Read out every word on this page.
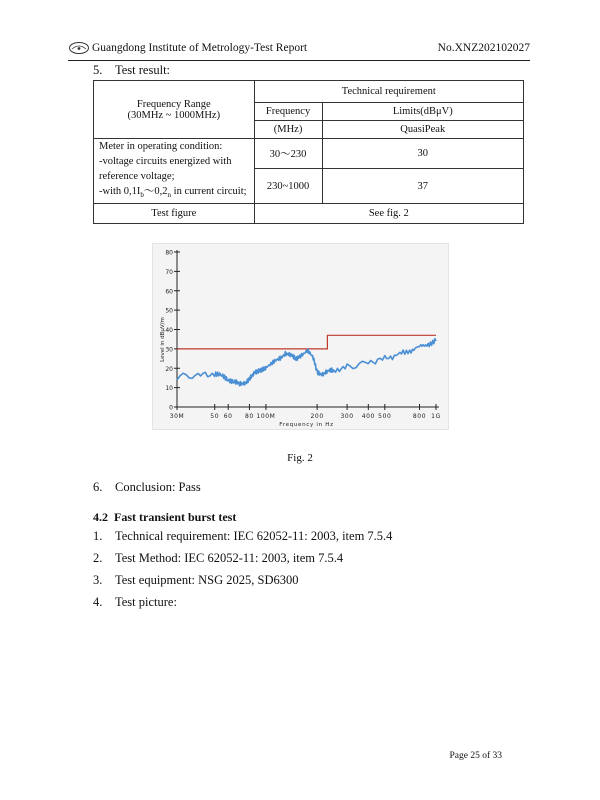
Guangdong Institute of Metrology-Test Report	No.XNZ202102027
5. Test result:
Frequency Range
(30MHz ~ 1000MHz)	Technical requirement	
	Frequency	Limits(dBμV)
	(MHz)	QuasiPeak

Meter in operating condition:
-voltage circuits energized with
reference voltage;
-with $0,1I_b\sim 0,2_n$ in current circuit;	30～230	30
	230~1000	37
Test figure	See fig. 2	
0
10
20
30
40
50
60
70
80
30M	50 60 80 100M	200	300 400 500	800 1G
Frequency in Hz
Level in dBμV/m
Fig. 2
6. Conclusion: Pass
4.2 Fast transient burst test
1. Technical requirement: IEC 62052-11: 2003, item 7.5.4
2. Test Method: IEC 62052-11: 2003, item 7.5.4
3. Test equipment: NSG 2025, SD6300
4. Test picture:
Page 25 of 33
